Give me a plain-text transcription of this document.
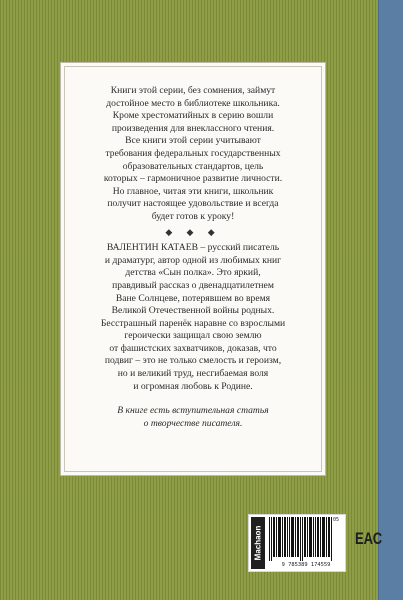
Книги этой серии, без сомнения, займут

достойное место в библиотеке школьника.

Кроме хрестоматийных в серию вошли

произведения для внеклассного чтения.

Все книги этой серии учитывают

требования федеральных государственных

образовательных стандартов, цель

которых – гармоничное развитие личности.

Но главное, читая эти книги, школьник

получит настоящее удовольствие и всегда

будет готов к уроку!

◆ ◆ ◆

ВАЛЕНТИН КАТАЕВ – русский писатель

и драматург, автор одной из любимых книг

детства «Сын полка». Это яркий,

правдивый рассказ о двенадцатилетнем

Ване Солнцеве, потерявшем во время

Великой Отечественной войны родных.

Бесстрашный паренёк наравне со взрослыми

героически защищал свою землю

от фашистских захватчиков, доказав, что

подвиг – это не только смелость и героизм,

но и великий труд, несгибаемая воля

и огромная любовь к Родине.

В книге есть вступительная статья

о творчестве писателя.

Machaon
05
9 785389 174559
ЕАС
